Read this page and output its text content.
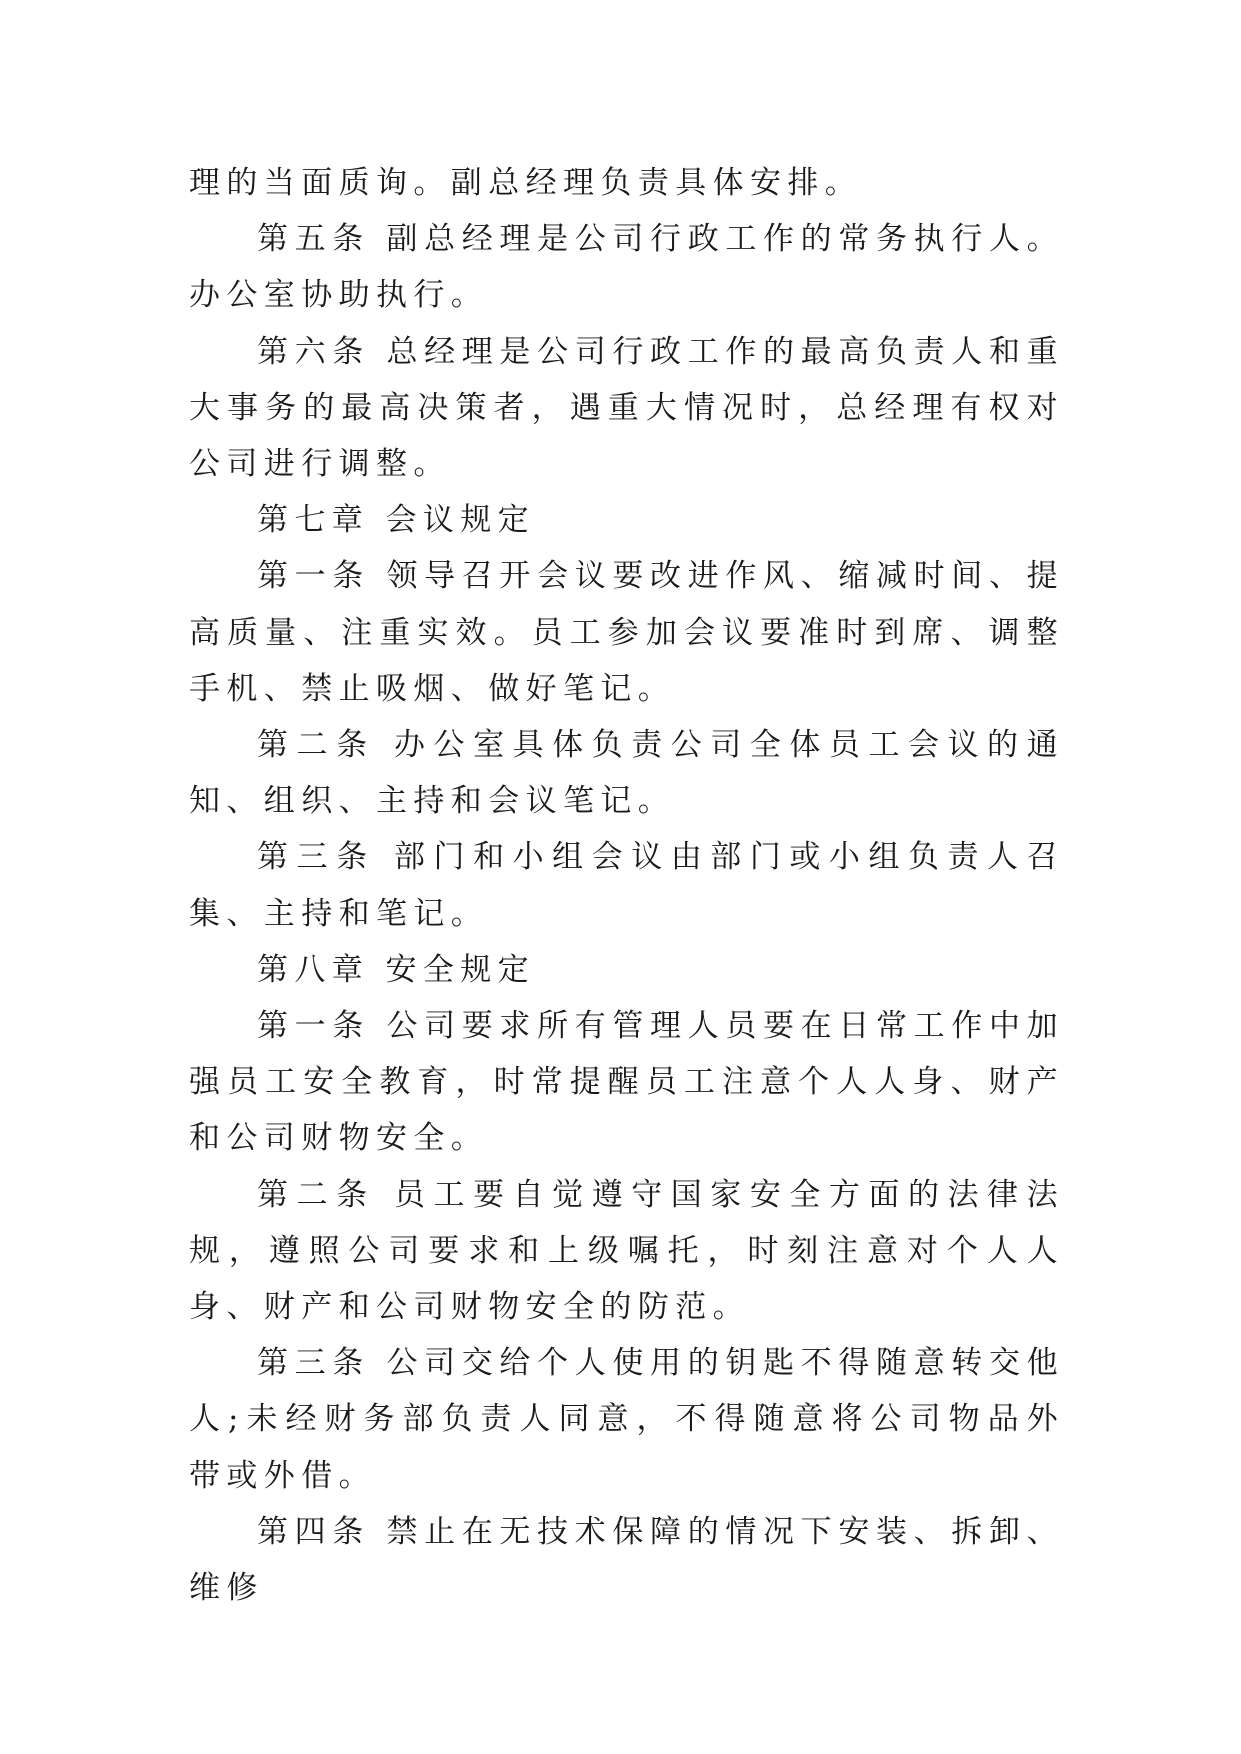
理的当面质询。副总经理负责具体安排。

第五条 副总经理是公司行政工作的常务执行人。办公室协助执行。

第六条 总经理是公司行政工作的最高负责人和重大事务的最高决策者，遇重大情况时，总经理有权对公司进行调整。

第七章 会议规定

第一条 领导召开会议要改进作风、缩减时间、提高质量、注重实效。员工参加会议要准时到席、调整手机、禁止吸烟、做好笔记。

第二条 办公室具体负责公司全体员工会议的通知、组织、主持和会议笔记。

第三条 部门和小组会议由部门或小组负责人召集、主持和笔记。

第八章 安全规定

第一条 公司要求所有管理人员要在日常工作中加强员工安全教育，时常提醒员工注意个人人身、财产和公司财物安全。

第二条 员工要自觉遵守国家安全方面的法律法规，遵照公司要求和上级嘱托，时刻注意对个人人身、财产和公司财物安全的防范。

第三条 公司交给个人使用的钥匙不得随意转交他人;未经财务部负责人同意，不得随意将公司物品外带或外借。

第四条 禁止在无技术保障的情况下安装、拆卸、维修
